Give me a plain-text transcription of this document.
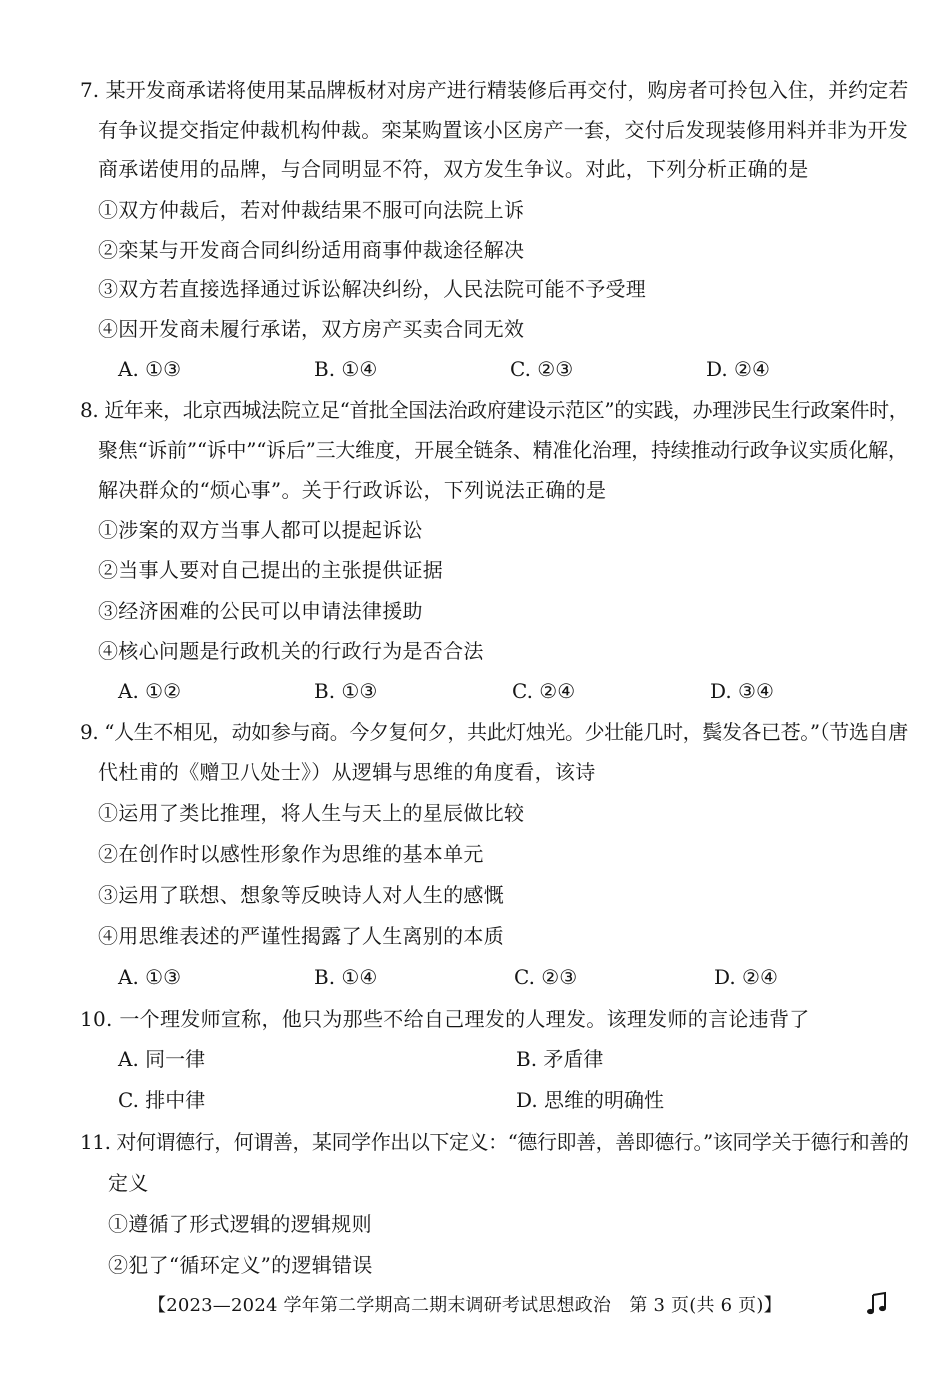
7. 某开发商承诺将使用某品牌板材对房产进行精装修后再交付，购房者可拎包入住，并约定若
有争议提交指定仲裁机构仲裁。栾某购置该小区房产一套，交付后发现装修用料并非为开发
商承诺使用的品牌，与合同明显不符，双方发生争议。对此，下列分析正确的是
①双方仲裁后，若对仲裁结果不服可向法院上诉
②栾某与开发商合同纠纷适用商事仲裁途径解决
③双方若直接选择通过诉讼解决纠纷，人民法院可能不予受理
④因开发商未履行承诺，双方房产买卖合同无效
A. ①③	B. ①④	C. ②③	D. ②④
8. 近年来，北京西城法院立足“首批全国法治政府建设示范区”的实践，办理涉民生行政案件时，
聚焦“诉前”“诉中”“诉后”三大维度，开展全链条、精准化治理，持续推动行政争议实质化解，
解决群众的“烦心事”。关于行政诉讼，下列说法正确的是
①涉案的双方当事人都可以提起诉讼
②当事人要对自己提出的主张提供证据
③经济困难的公民可以申请法律援助
④核心问题是行政机关的行政行为是否合法
A. ①②	B. ①③	C. ②④	D. ③④
9. “人生不相见，动如参与商。今夕复何夕，共此灯烛光。少壮能几时，鬓发各已苍。”（节选自唐
代杜甫的《赠卫八处士》）从逻辑与思维的角度看，该诗
①运用了类比推理，将人生与天上的星辰做比较
②在创作时以感性形象作为思维的基本单元
③运用了联想、想象等反映诗人对人生的感慨
④用思维表述的严谨性揭露了人生离别的本质
A. ①③	B. ①④	C. ②③	D. ②④
10. 一个理发师宣称，他只为那些不给自己理发的人理发。该理发师的言论违背了
A. 同一律	B. 矛盾律
C. 排中律	D. 思维的明确性
11. 对何谓德行，何谓善，某同学作出以下定义：“德行即善，善即德行。”该同学关于德行和善的
定义
①遵循了形式逻辑的逻辑规则
②犯了“循环定义”的逻辑错误
【2023—2024 学年第二学期高二期末调研考试思想政治　第 3 页(共 6 页)】
